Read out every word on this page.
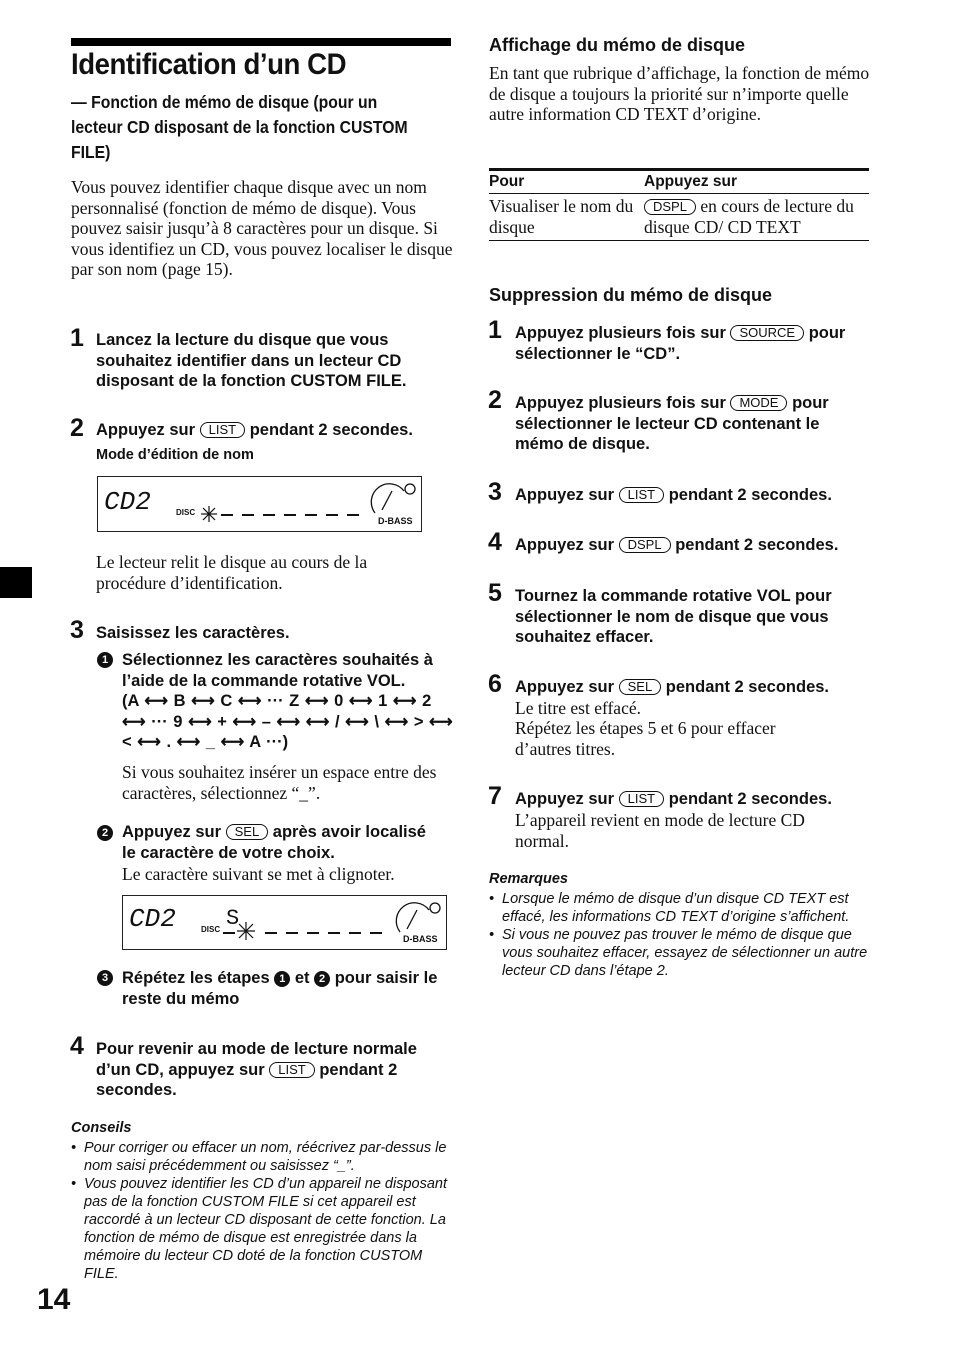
Identification d’un CD
— Fonction de mémo de disque (pour un lecteur CD disposant de la fonction CUSTOM FILE)
Vous pouvez identifier chaque disque avec un nom personnalisé (fonction de mémo de disque). Vous pouvez saisir jusqu’à 8 caractères pour un disque. Si vous identifiez un CD, vous pouvez localiser le disque par son nom (page 15).
1 Lancez la lecture du disque que vous souhaitez identifier dans un lecteur CD disposant de la fonction CUSTOM FILE.
2 Appuyez sur LIST pendant 2 secondes.
Mode d’édition de nom
CD2	DISC
D-BASS
Le lecteur relit le disque au cours de la procédure d’identification.
3 Saisissez les caractères.
1 Sélectionnez les caractères souhaités à l’aide de la commande rotative VOL.
(A ⟷ B ⟷ C ⟷ ··· Z ⟷ 0 ⟷ 1 ⟷ 2 ⟷ ··· 9 ⟷ + ⟷ – ⟷ ⟷ / ⟷ \ ⟷ > ⟷ < ⟷ . ⟷ _ ⟷ A ···)
Si vous souhaitez insérer un espace entre des caractères, sélectionnez “_”.
2 Appuyez sur SEL après avoir localisé le caractère de votre choix.
Le caractère suivant se met à clignoter.
CD2	DISC S
D-BASS
3 Répétez les étapes 1 et 2 pour saisir le reste du mémo
4 Pour revenir au mode de lecture normale d’un CD, appuyez sur LIST pendant 2 secondes.
Conseils
• Pour corriger ou effacer un nom, réécrivez par-dessus le nom saisi précédemment ou saisissez “_”.
• Vous pouvez identifier les CD d’un appareil ne disposant pas de la fonction CUSTOM FILE si cet appareil est raccordé à un lecteur CD disposant de cette fonction. La fonction de mémo de disque est enregistrée dans la mémoire du lecteur CD doté de la fonction CUSTOM FILE.
14
Affichage du mémo de disque
En tant que rubrique d’affichage, la fonction de mémo de disque a toujours la priorité sur n’importe quelle autre information CD TEXT d’origine.
Pour	Appuyez sur
Visualiser le nom du disque	DSPL en cours de lecture du disque CD/ CD TEXT
Suppression du mémo de disque
1 Appuyez plusieurs fois sur SOURCE pour sélectionner le “CD”.
2 Appuyez plusieurs fois sur MODE pour sélectionner le lecteur CD contenant le mémo de disque.
3 Appuyez sur LIST pendant 2 secondes.
4 Appuyez sur DSPL pendant 2 secondes.
5 Tournez la commande rotative VOL pour sélectionner le nom de disque que vous souhaitez effacer.
6 Appuyez sur SEL pendant 2 secondes.
Le titre est effacé.
Répétez les étapes 5 et 6 pour effacer d’autres titres.
7 Appuyez sur LIST pendant 2 secondes.
L’appareil revient en mode de lecture CD normal.
Remarques
• Lorsque le mémo de disque d’un disque CD TEXT est effacé, les informations CD TEXT d’origine s’affichent.
• Si vous ne pouvez pas trouver le mémo de disque que vous souhaitez effacer, essayez de sélectionner un autre lecteur CD dans l’étape 2.
